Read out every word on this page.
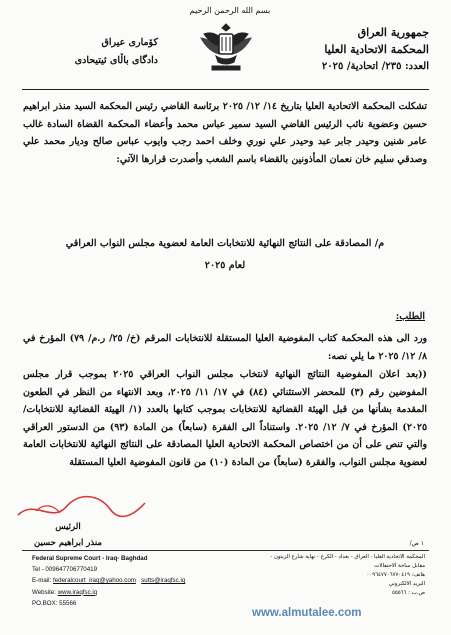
بسم الله الرحمن الرحيم
جمهورية العراق
المحكمة الاتحادية العليا
العدد: ٢٣٥/ اتحادية/ ٢٠٢٥
كۆماری عیراق
دادگای باڵای ئیتیحادی
تشكلت المحكمة الاتحادية العليا بتاريخ ١٤/ ١٢/ ٢٠٢٥ برئاسة القاضي رئيس المحكمة السيد منذر ابراهيم حسين وعضوية نائب الرئيس القاضي السيد سمير عباس محمد وأعضاء المحكمة القضاة السادة غالب عامر شنين وحيدر جابر عبد وحيدر علي نوري وخلف احمد رجب وايوب عباس صالح وديار محمد علي وصدقي سليم خان نعمان المأذونين بالقضاء باسم الشعب وأصدرت قرارها الآتي:
م/ المصادقة على النتائج النهائية للانتخابات العامة لعضوية مجلس النواب العراقي
لعام ٢٠٢٥
الطلب:
ورد الى هذه المحكمة كتاب المفوضية العليا المستقلة للانتخابات المرقم (خ/ ٢٥/ ر.م/ ٧٩) المؤرخ في ٨/ ١٢/ ٢٠٢٥ ما يلي نصه:
((بعد اعلان المفوضية النتائج النهائية لانتخاب مجلس النواب العراقي ٢٠٢٥ بموجب قرار مجلس المفوضين رقم (٣) للمحضر الاستثنائي (٨٤) في ١٧/ ١١/ ٢٠٢٥، وبعد الانتهاء من النظر في الطعون المقدمة بشأنها من قبل الهيئة القضائية للانتخابات بموجب كتابها بالعدد (١/ الهيئة القضائية للانتخابات/ ٢٠٢٥) المؤرخ في ٧/ ١٢/ ٢٠٢٥. واستناداً الى الفقرة (سابعاً) من المادة (٩٣) من الدستور العراقي والتي تنص على أن من اختصاص المحكمة الاتحادية العليا المصادقة على النتائج النهائية للانتخابات العامة لعضوية مجلس النواب، والفقرة (سابعاً) من المادة (١٠) من قانون المفوضية العليا المستقلة
الرئيس
منذر ابراهيم حسين	١ ص/
Federal Supreme Court - Iraq- Baghdad
Tel - 009647706770419
E-mail: federalcourt_iraq@yahoo.com sutts@iraqfsc.iq
Website: www.iraqfsc.iq
PO.BOX: 55566
المحكمة الاتحادية العليا - العراق - بغداد - الكرخ - نهاية شارع الزيتون - مقابل ساحة الاحتفالات
هاتف: ٠٠٩٦٤٧٧٠٦٧٧٠٤١٩
البريد الالكتروني
ص.ب : ٥٥٥٦٦
www.almutalee.com
